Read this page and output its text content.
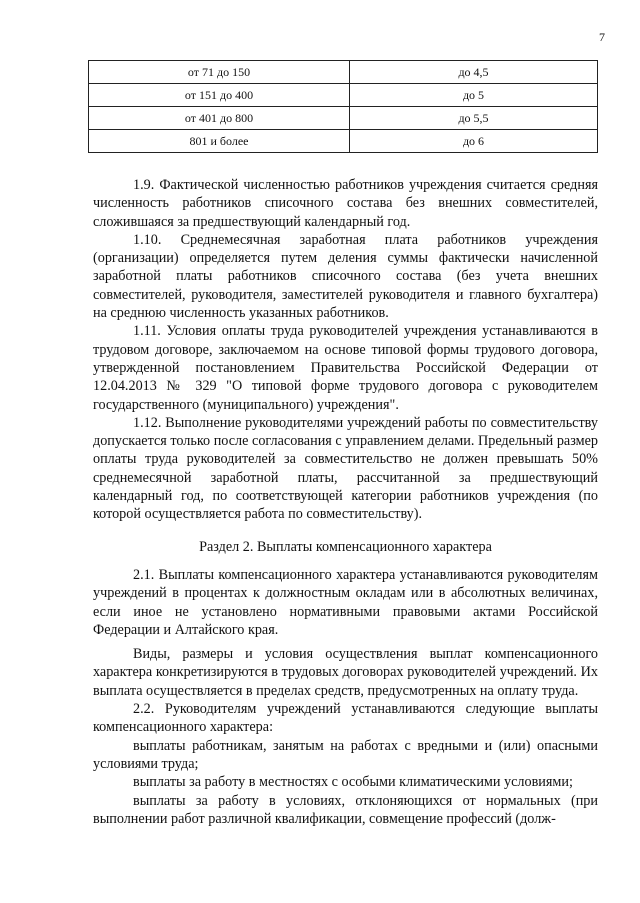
7
от 71 до 150	до 4,5
от 151 до 400	до 5
от 401 до 800	до 5,5
801 и более	до 6

1.9. Фактической численностью работников учреждения считается средняя численность работников списочного состава без внешних совместителей, сложившаяся за предшествующий календарный год.

1.10. Среднемесячная заработная плата работников учреждения (организации) определяется путем деления суммы фактически начисленной заработной платы работников списочного состава (без учета внешних совместителей, руководителя, заместителей руководителя и главного бухгалтера) на среднюю численность указанных работников.

1.11. Условия оплаты труда руководителей учреждения устанавливаются в трудовом договоре, заключаемом на основе типовой формы трудового договора, утвержденной постановлением Правительства Российской Федерации от 12.04.2013 № 329 "О типовой форме трудового договора с руководителем государственного (муниципального) учреждения".

1.12. Выполнение руководителями учреждений работы по совместительству допускается только после согласования с управлением делами. Предельный размер оплаты труда руководителей за совместительство не должен превышать 50% среднемесячной заработной платы, рассчитанной за предшествующий календарный год, по соответствующей категории работников учреждения (по которой осуществляется работа по совместительству).

Раздел 2. Выплаты компенсационного характера

2.1. Выплаты компенсационного характера устанавливаются руководителям учреждений в процентах к должностным окладам или в абсолютных величинах, если иное не установлено нормативными правовыми актами Российской Федерации и Алтайского края.

Виды, размеры и условия осуществления выплат компенсационного характера конкретизируются в трудовых договорах руководителей учреждений. Их выплата осуществляется в пределах средств, предусмотренных на оплату труда.

2.2. Руководителям учреждений устанавливаются следующие выплаты компенсационного характера:

выплаты работникам, занятым на работах с вредными и (или) опасными условиями труда;

выплаты за работу в местностях с особыми климатическими условиями;

выплаты за работу в условиях, отклоняющихся от нормальных (при выполнении работ различной квалификации, совмещение профессий (долж-
